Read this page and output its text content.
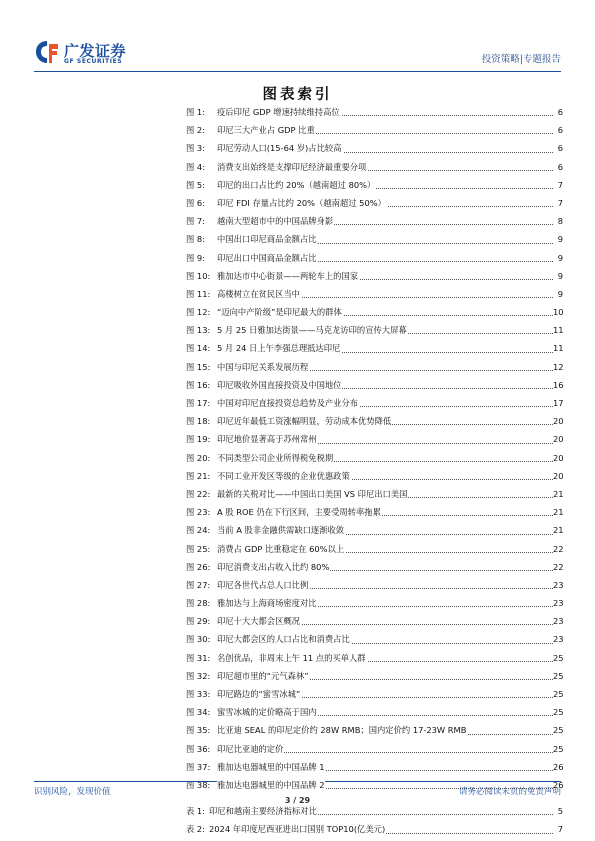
广发证券
GF SECURITIES	投资策略|专题报告
图表索引
图 1:	疫后印尼 GDP 增速持续维持高位	6
图 2:	印尼三大产业占 GDP 比重	6
图 3:	印尼劳动人口(15-64 岁)占比较高	6
图 4:	消费支出始终是支撑印尼经济最重要分项	6
图 5:	印尼的出口占比约 20%（越南超过 80%）	7
图 6:	印尼 FDI 存量占比约 20%（越南超过 50%）	7
图 7:	越南大型超市中的中国品牌身影	8
图 8:	中国出口印尼商品金额占比	9
图 9:	印尼出口中国商品金额占比	9
图 10: 雅加达市中心街景——两轮车上的国家	9
图 11: 高楼树立在贫民区当中	9
图 12: “迈向中产阶级”是印尼最大的群体	10
图 13: 5 月 25 日雅加达街景——马克龙访印的宣传大屏幕	11
图 14: 5 月 24 日上午李强总理抵达印尼	11
图 15: 中国与印尼关系发展历程	12
图 16: 印尼吸收外国直接投资及中国地位	16
图 17: 中国对印尼直接投资总趋势及产业分布	17
图 18: 印尼近年最低工资涨幅明显，劳动成本优势降低	20
图 19: 印尼地价显著高于苏州常州	20
图 20: 不同类型公司企业所得税免税期	20
图 21: 不同工业开发区等级的企业优惠政策	20
图 22: 最新的关税对比——中国出口美国 VS 印尼出口美国	21
图 23: A 股 ROE 仍在下行区间，主要受周转率拖累	21
图 24: 当前 A 股非金融供需缺口逐渐收敛	21
图 25: 消费占 GDP 比重稳定在 60%以上	22
图 26: 印尼消费支出占收入比约 80%	22
图 27: 印尼各世代占总人口比例	23
图 28: 雅加达与上海商场密度对比	23
图 29: 印尼十大大都会区概况	23
图 30: 印尼大都会区的人口占比和消费占比	23
图 31: 名创优品，非周末上午 11 点的买单人群	25
图 32: 印尼超市里的“元气森林”	25
图 33: 印尼路边的“蜜雪冰城”	25
图 34: 蜜雪冰城的定价略高于国内	25
图 35: 比亚迪 SEAL 的印尼定价约 28W RMB；国内定价约 17-23W RMB	25
图 36: 印尼比亚迪的定价	25
图 37: 雅加达电器城里的中国品牌 1	26
图 38: 雅加达电器城里的中国品牌 2	26
表 1: 印尼和越南主要经济指标对比	5
表 2: 2024 年印度尼西亚进出口国别 TOP10(亿美元)	7
识别风险，发现价值	请务必阅读末页的免责声明
3 / 29
